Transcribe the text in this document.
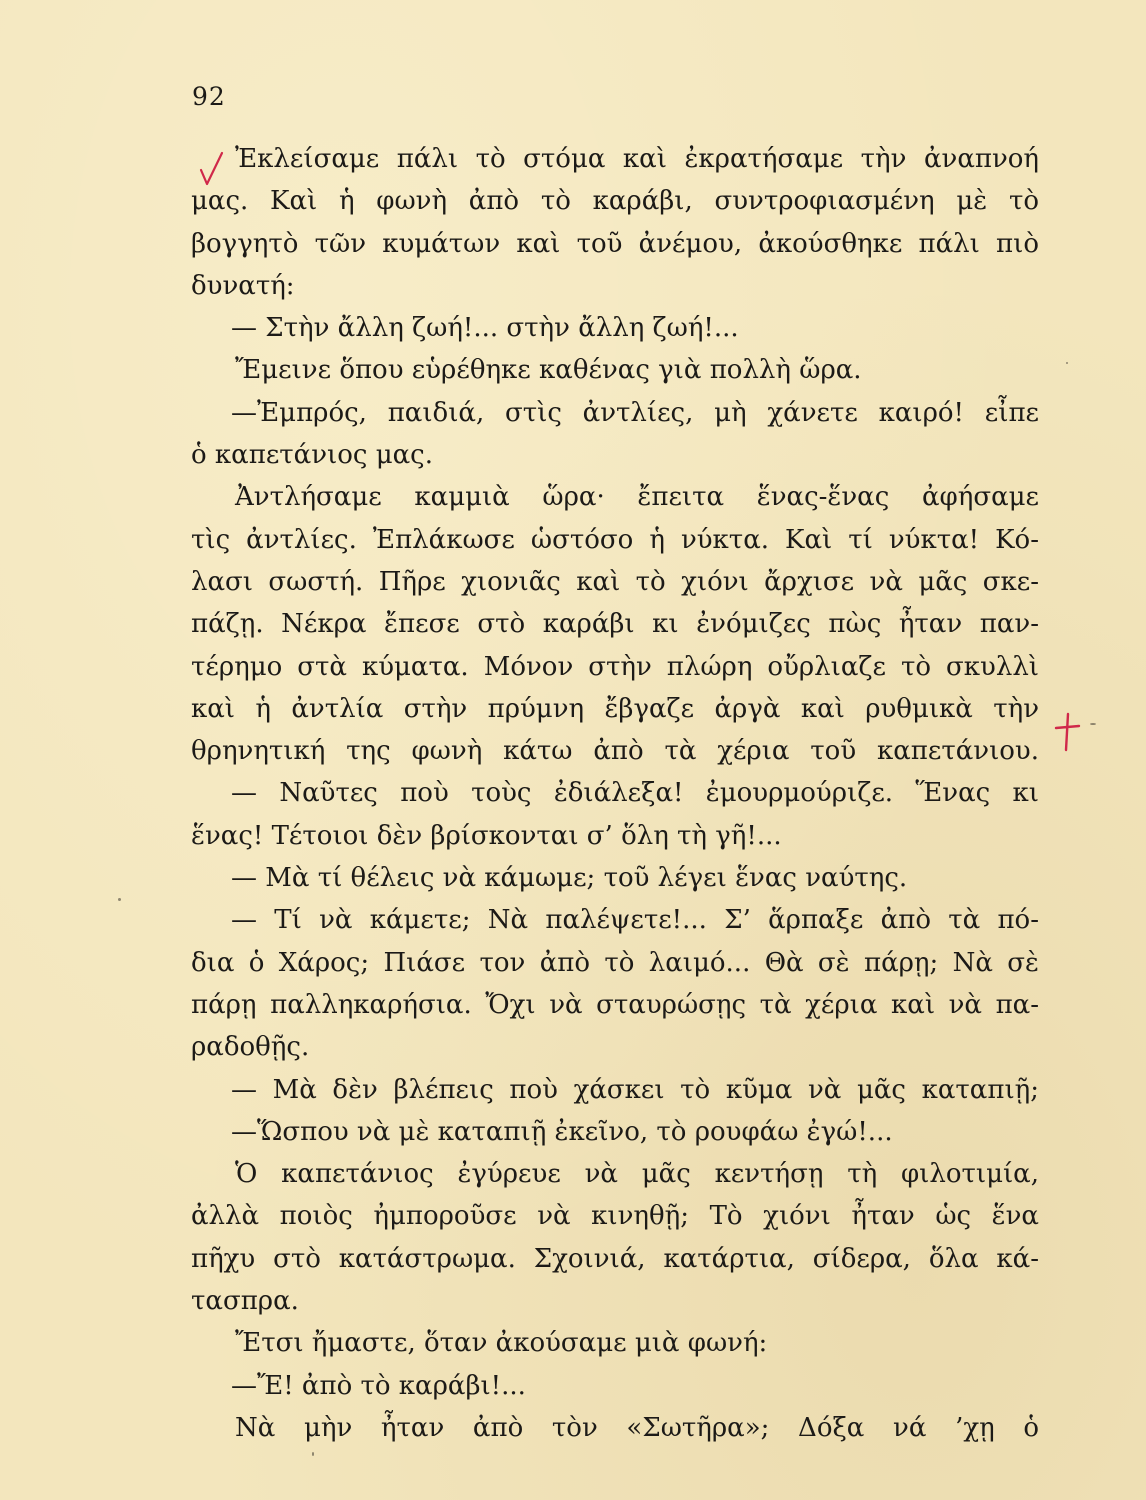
92
Ἐκλείσαμε πάλι τὸ στόμα καὶ ἐκρατήσαμε τὴν ἀναπνοή
μας. Καὶ ἡ φωνὴ ἀπὸ τὸ καράβι, συντροφιασμένη μὲ τὸ
βογγητὸ τῶν κυμάτων καὶ τοῦ ἀνέμου, ἀκούσθηκε πάλι πιὸ
δυνατή:
— Στὴν ἄλλη ζωή!... στὴν ἄλλη ζωή!...
Ἔμεινε ὅπου εὑρέθηκε καθένας γιὰ πολλὴ ὥρα.
—Ἐμπρός, παιδιά, στὶς ἀντλίες, μὴ χάνετε καιρό! εἶπε
ὁ καπετάνιος μας.
Ἀντλήσαμε καμμιὰ ὥρα· ἔπειτα ἕνας-ἕνας ἀφήσαμε
τὶς ἀντλίες. Ἐπλάκωσε ὡστόσο ἡ νύκτα. Καὶ τί νύκτα! Κό-
λασι σωστή. Πῆρε χιονιᾶς καὶ τὸ χιόνι ἄρχισε νὰ μᾶς σκε-
πάζῃ. Νέκρα ἔπεσε στὸ καράβι κι ἐνόμιζες πὼς ἦταν παν-
τέρημο στὰ κύματα. Μόνον στὴν πλώρη οὔρλιαζε τὸ σκυλλὶ
καὶ ἡ ἀντλία στὴν πρύμνη ἔβγαζε ἀργὰ καὶ ρυθμικὰ τὴν
θρηνητική της φωνὴ κάτω ἀπὸ τὰ χέρια τοῦ καπετάνιου.
— Ναῦτες ποὺ τοὺς ἐδιάλεξα! ἐμουρμούριζε. Ἕνας κι
ἕνας! Τέτοιοι δὲν βρίσκονται σ’ ὅλη τὴ γῆ!...
— Μὰ τί θέλεις νὰ κάμωμε; τοῦ λέγει ἕνας ναύτης.
— Τί νὰ κάμετε; Νὰ παλέψετε!... Σ’ ἅρπαξε ἀπὸ τὰ πό-
δια ὁ Χάρος; Πιάσε τον ἀπὸ τὸ λαιμό... Θὰ σὲ πάρῃ; Νὰ σὲ
πάρῃ παλληκαρήσια. Ὄχι νὰ σταυρώσῃς τὰ χέρια καὶ νὰ πα-
ραδοθῇς.
— Μὰ δὲν βλέπεις ποὺ χάσκει τὸ κῦμα νὰ μᾶς καταπιῇ;
—Ὥσπου νὰ μὲ καταπιῇ ἐκεῖνο, τὸ ρουφάω ἐγώ!...
Ὁ καπετάνιος ἐγύρευε νὰ μᾶς κεντήσῃ τὴ φιλοτιμία,
ἀλλὰ ποιὸς ἠμποροῦσε νὰ κινηθῇ; Τὸ χιόνι ἦταν ὡς ἕνα
πῆχυ στὸ κατάστρωμα. Σχοινιά, κατάρτια, σίδερα, ὅλα κά-
τασπρα.
Ἔτσι ἤμαστε, ὅταν ἀκούσαμε μιὰ φωνή:
—Ἔ! ἀπὸ τὸ καράβι!...
Νὰ μὴν ἦταν ἀπὸ τὸν «Σωτῆρα»; Δόξα νά ’χῃ ὁ
